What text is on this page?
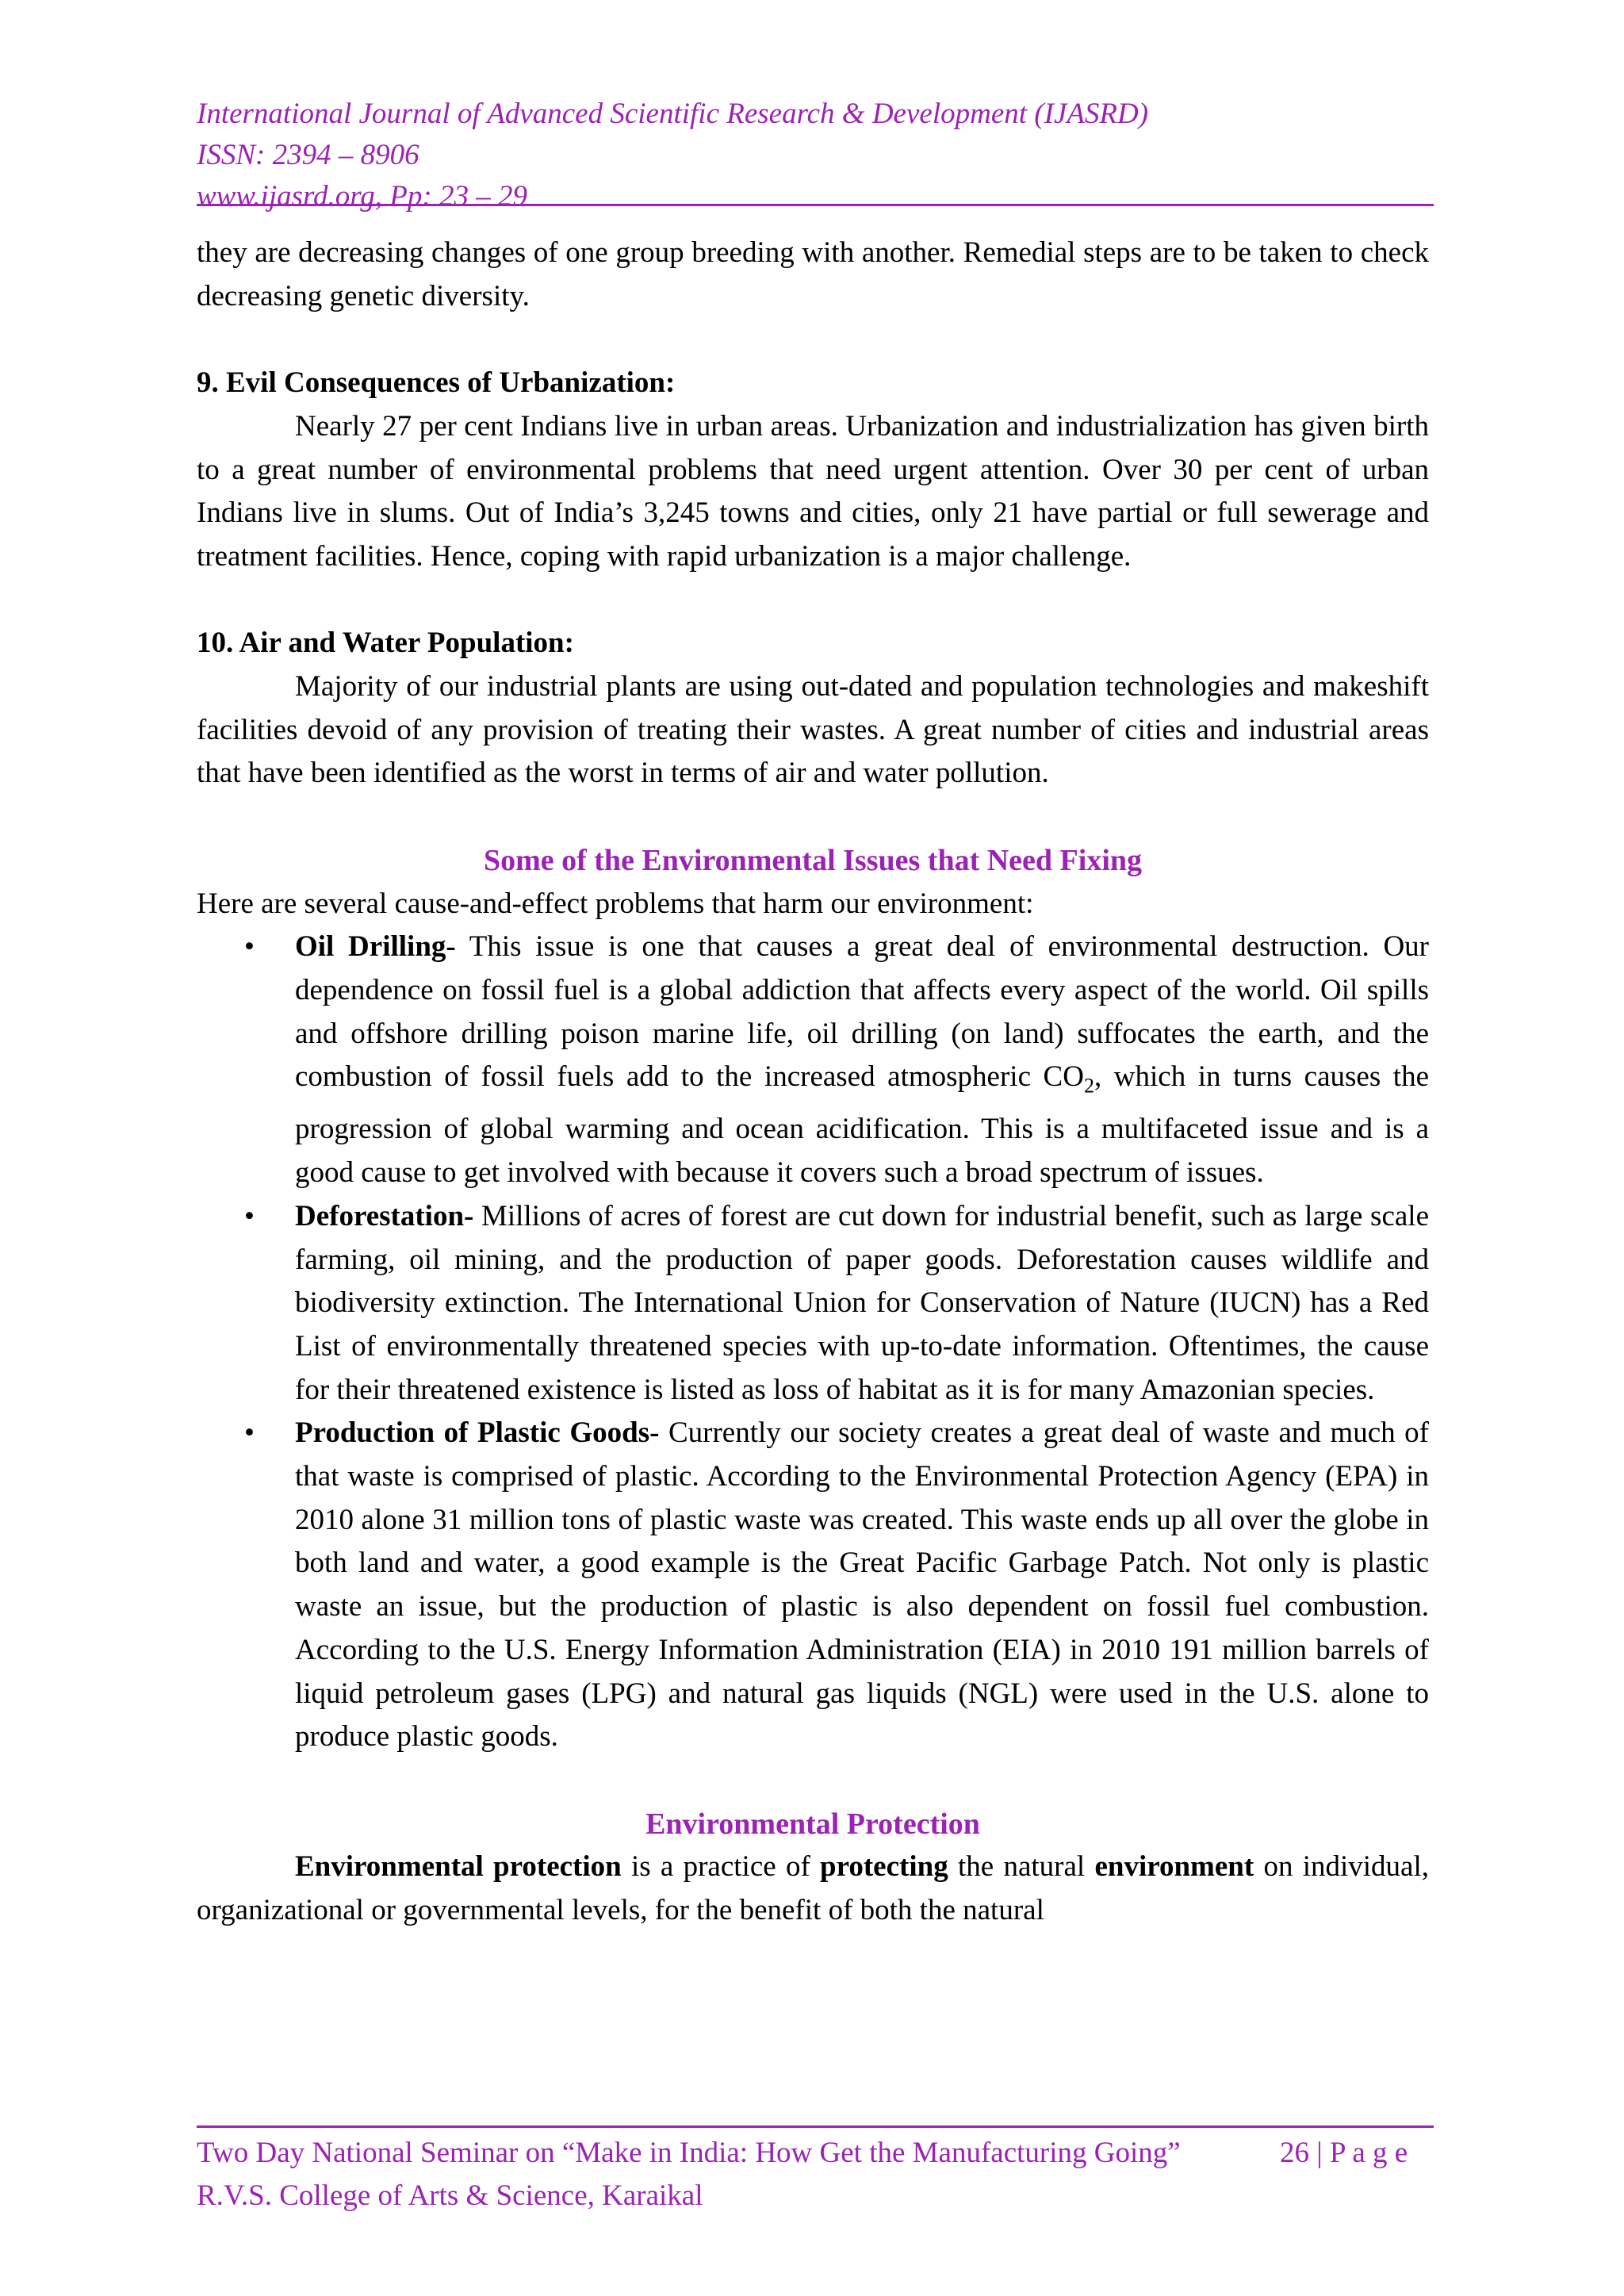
International Journal of Advanced Scientific Research & Development (IJASRD)
ISSN: 2394 – 8906
www.ijasrd.org, Pp: 23 – 29

they are decreasing changes of one group breeding with another. Remedial steps are to be taken to check decreasing genetic diversity.

9. Evil Consequences of Urbanization:

Nearly 27 per cent Indians live in urban areas. Urbanization and industrialization has given birth to a great number of environmental problems that need urgent attention. Over 30 per cent of urban Indians live in slums. Out of India’s 3,245 towns and cities, only 21 have partial or full sewerage and treatment facilities. Hence, coping with rapid urbanization is a major challenge.

10. Air and Water Population:

Majority of our industrial plants are using out-dated and population technologies and makeshift facilities devoid of any provision of treating their wastes. A great number of cities and industrial areas that have been identified as the worst in terms of air and water pollution.

Some of the Environmental Issues that Need Fixing

Here are several cause-and-effect problems that harm our environment:

• Oil Drilling- This issue is one that causes a great deal of environmental destruction. Our dependence on fossil fuel is a global addiction that affects every aspect of the world. Oil spills and offshore drilling poison marine life, oil drilling (on land) suffocates the earth, and the combustion of fossil fuels add to the increased atmospheric $CO_2$, which in turns causes the progression of global warming and ocean acidification. This is a multifaceted issue and is a good cause to get involved with because it covers such a broad spectrum of issues.
• Deforestation- Millions of acres of forest are cut down for industrial benefit, such as large scale farming, oil mining, and the production of paper goods. Deforestation causes wildlife and biodiversity extinction. The International Union for Conservation of Nature (IUCN) has a Red List of environmentally threatened species with up-to-date information. Oftentimes, the cause for their threatened existence is listed as loss of habitat as it is for many Amazonian species.
• Production of Plastic Goods- Currently our society creates a great deal of waste and much of that waste is comprised of plastic. According to the Environmental Protection Agency (EPA) in 2010 alone 31 million tons of plastic waste was created. This waste ends up all over the globe in both land and water, a good example is the Great Pacific Garbage Patch. Not only is plastic waste an issue, but the production of plastic is also dependent on fossil fuel combustion. According to the U.S. Energy Information Administration (EIA) in 2010 191 million barrels of liquid petroleum gases (LPG) and natural gas liquids (NGL) were used in the U.S. alone to produce plastic goods.
Environmental Protection

Environmental protection is a practice of protecting the natural environment on individual, organizational or governmental levels, for the benefit of both the natural

Two Day National Seminar on “Make in India: How Get the Manufacturing Going”	26 | P a g e
R.V.S. College of Arts & Science, Karaikal
